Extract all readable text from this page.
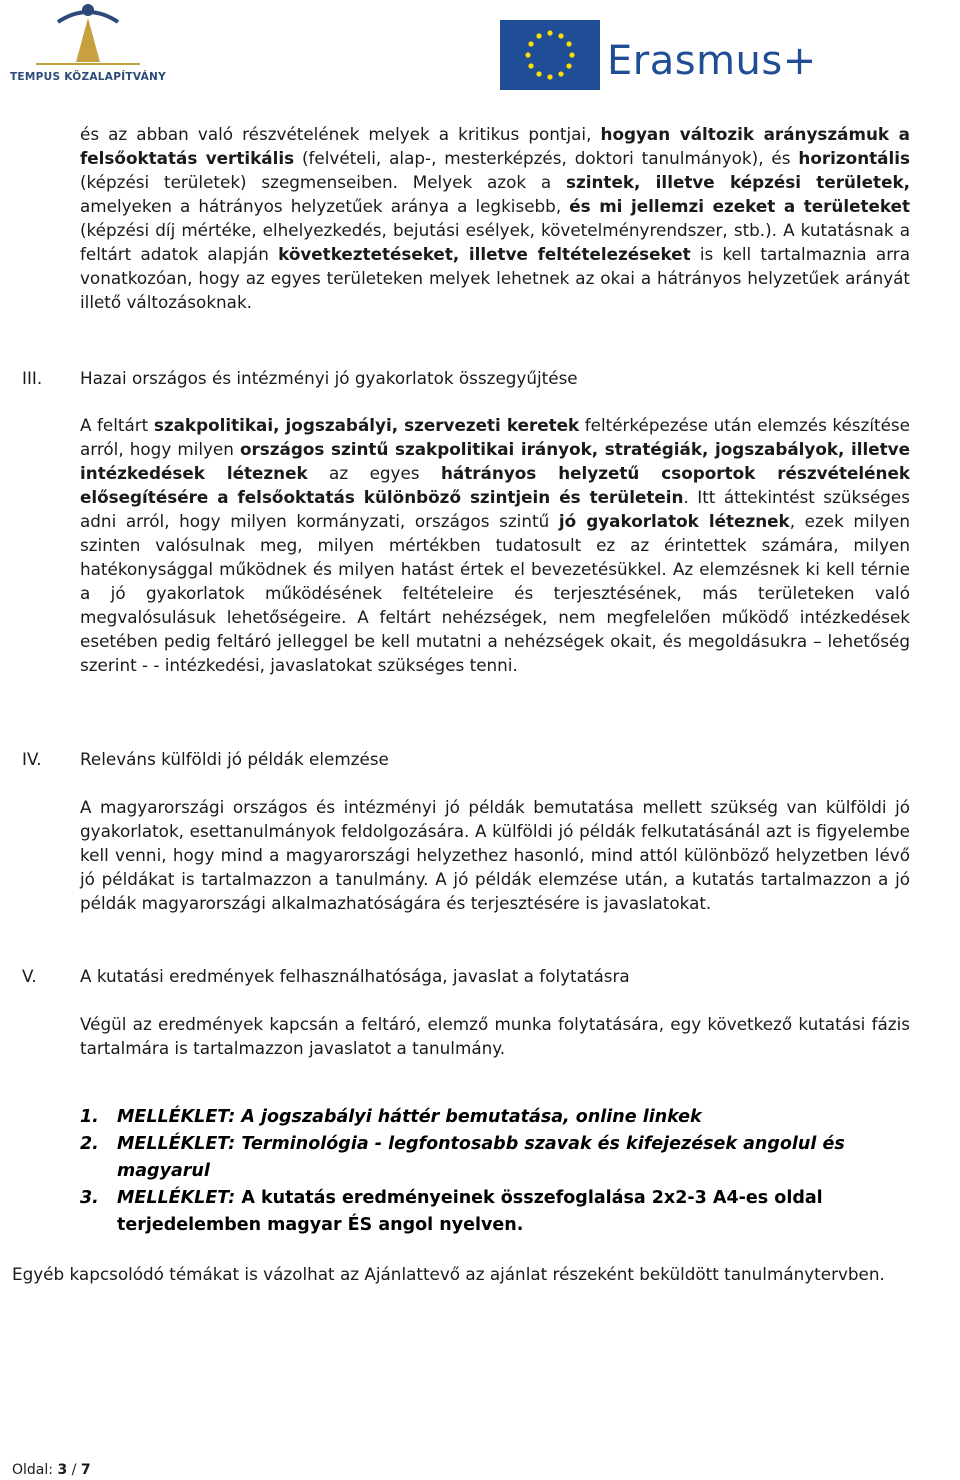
TEMPUS KÖZALAPÍTVÁNY	Erasmus+

és az abban való részvételének melyek a kritikus pontjai, hogyan változik arányszámuk a felsőoktatás vertikális (felvételi, alap-, mesterképzés, doktori tanulmányok), és horizontális (képzési területek) szegmenseiben. Melyek azok a szintek, illetve képzési területek, amelyeken a hátrányos helyzetűek aránya a legkisebb, és mi jellemzi ezeket a területeket (képzési díj mértéke, elhelyezkedés, bejutási esélyek, követelményrendszer, stb.). A kutatásnak a feltárt adatok alapján következtetéseket, illetve feltételezéseket is kell tartalmaznia arra vonatkozóan, hogy az egyes területeken melyek lehetnek az okai a hátrányos helyzetűek arányát illető változásoknak.

III.	Hazai országos és intézményi jó gyakorlatok összegyűjtése
A feltárt szakpolitikai, jogszabályi, szervezeti keretek feltérképezése után elemzés készítése arról, hogy milyen országos szintű szakpolitikai irányok, stratégiák, jogszabályok, illetve intézkedések léteznek az egyes hátrányos helyzetű csoportok részvételének elősegítésére a felsőoktatás különböző szintjein és területein. Itt áttekintést szükséges adni arról, hogy milyen kormányzati, országos szintű jó gyakorlatok léteznek, ezek milyen szinten valósulnak meg, milyen mértékben tudatosult ez az érintettek számára, milyen hatékonysággal működnek és milyen hatást értek el bevezetésükkel. Az elemzésnek ki kell térnie a jó gyakorlatok működésének feltételeire és terjesztésének, más területeken való megvalósulásuk lehetőségeire. A feltárt nehézségek, nem megfelelően működő intézkedések esetében pedig feltáró jelleggel be kell mutatni a nehézségek okait, és megoldásukra – lehetőség szerint - - intézkedési, javaslatokat szükséges tenni.
IV.	Releváns külföldi jó példák elemzése
A magyarországi országos és intézményi jó példák bemutatása mellett szükség van külföldi jó gyakorlatok, esettanulmányok feldolgozására. A külföldi jó példák felkutatásánál azt is figyelembe kell venni, hogy mind a magyarországi helyzethez hasonló, mind attól különböző helyzetben lévő jó példákat is tartalmazzon a tanulmány. A jó példák elemzése után, a kutatás tartalmazzon a jó példák magyarországi alkalmazhatóságára és terjesztésére is javaslatokat.
V.	A kutatási eredmények felhasználhatósága, javaslat a folytatásra
Végül az eredmények kapcsán a feltáró, elemző munka folytatására, egy következő kutatási fázis tartalmára is tartalmazzon javaslatot a tanulmány.
1. MELLÉKLET: A jogszabályi háttér bemutatása, online linkek
2. MELLÉKLET: Terminológia - legfontosabb szavak és kifejezések angolul és magyarul
3. MELLÉKLET: A kutatás eredményeinek összefoglalása 2x2-3 A4-es oldal terjedelemben magyar ÉS angol nyelven.
Egyéb kapcsolódó témákat is vázolhat az Ajánlattevő az ajánlat részeként beküldött tanulmánytervben.
Oldal: 3 / 7
